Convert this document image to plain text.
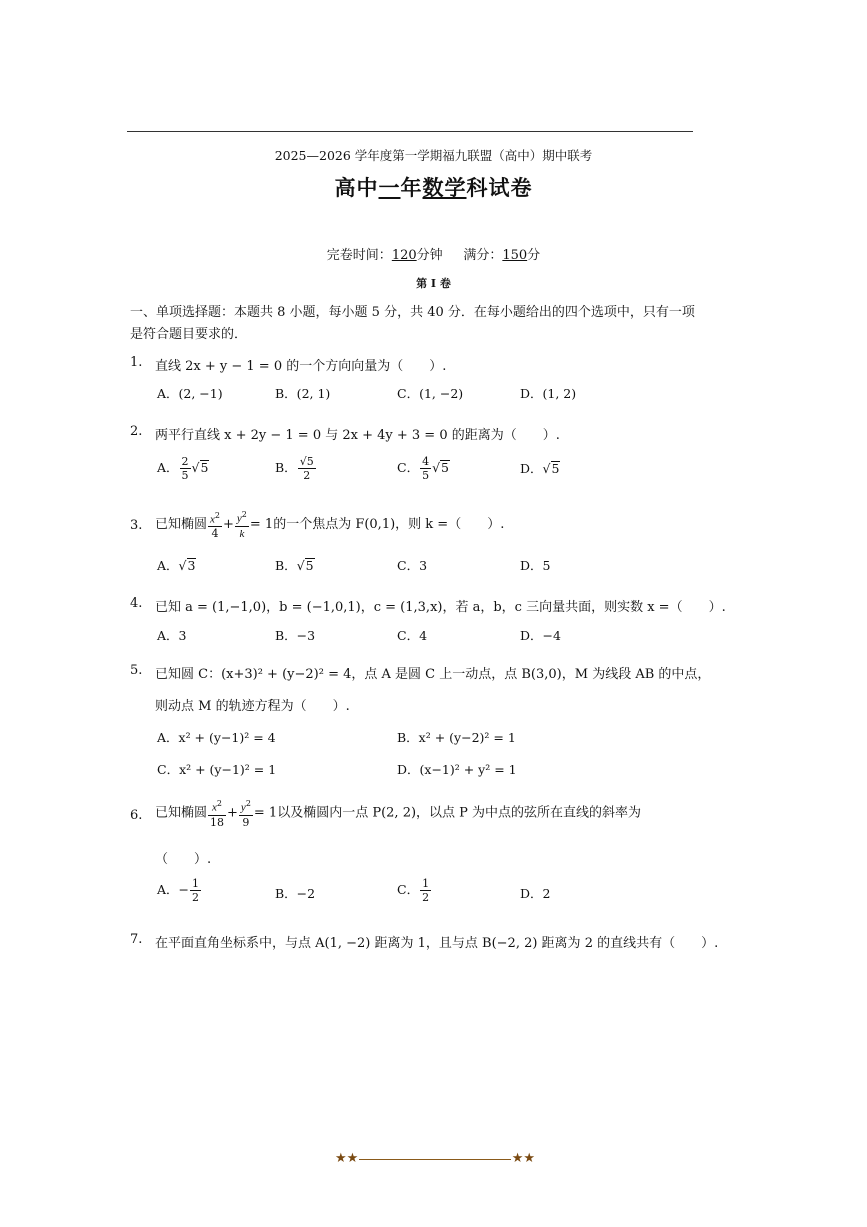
2025—2026 学年度第一学期福九联盟（高中）期中联考
高中一年数学科试卷
完卷时间：120分钟 满分：150分
第 I 卷
一、单项选择题：本题共 8 小题，每小题 5 分，共 40 分．在每小题给出的四个选项中，只有一项是符合题目要求的．
1. 直线 2x + y − 1 = 0 的一个方向向量为（　　）.
A．(2, −1)	B．(2, 1)	C．(1, −2)	D．(1, 2)
2. 两平行直线 x + 2y − 1 = 0 与 2x + 4y + 3 = 0 的距离为（　　）.
A． $\frac{2}{5} √5$	B． $\frac{√5}{2}$	C． $\frac{4}{5} √5$	D．√5
3. 已知椭圆 $\frac{x^2}{4} + \frac{y^2}{k} = 1$的一个焦点为 F(0,1)，则 k =（　　）.
A．√3	B．√5	C．3	D．5
4. 已知 a = (1,−1,0)，b = (−1,0,1)，c = (1,3,x)，若 a，b，c 三向量共面，则实数 x =（　　）.
A．3	B．−3	C．4	D．−4
5. 已知圆 C：(x+3)² + (y−2)² = 4，点 A 是圆 C 上一动点，点 B(3,0)，M 为线段 AB 的中点，
则动点 M 的轨迹方程为（　　）.
A．x² + (y−1)² = 4	B．x² + (y−2)² = 1
C．x² + (y−1)² = 1	D．(x−1)² + y² = 1
6. 已知椭圆 $\frac{x^2}{18} + \frac{y^2}{9} = 1$以及椭圆内一点 P(2, 2)，以点 P 为中点的弦所在直线的斜率为
（　　）.
A．− $\frac{1}{2}$	B．−2	C． $\frac{1}{2}$	D．2
7. 在平面直角坐标系中，与点 A(1, −2) 距离为 1，且与点 B(−2, 2) 距离为 2 的直线共有（　　）.
★★	★★
